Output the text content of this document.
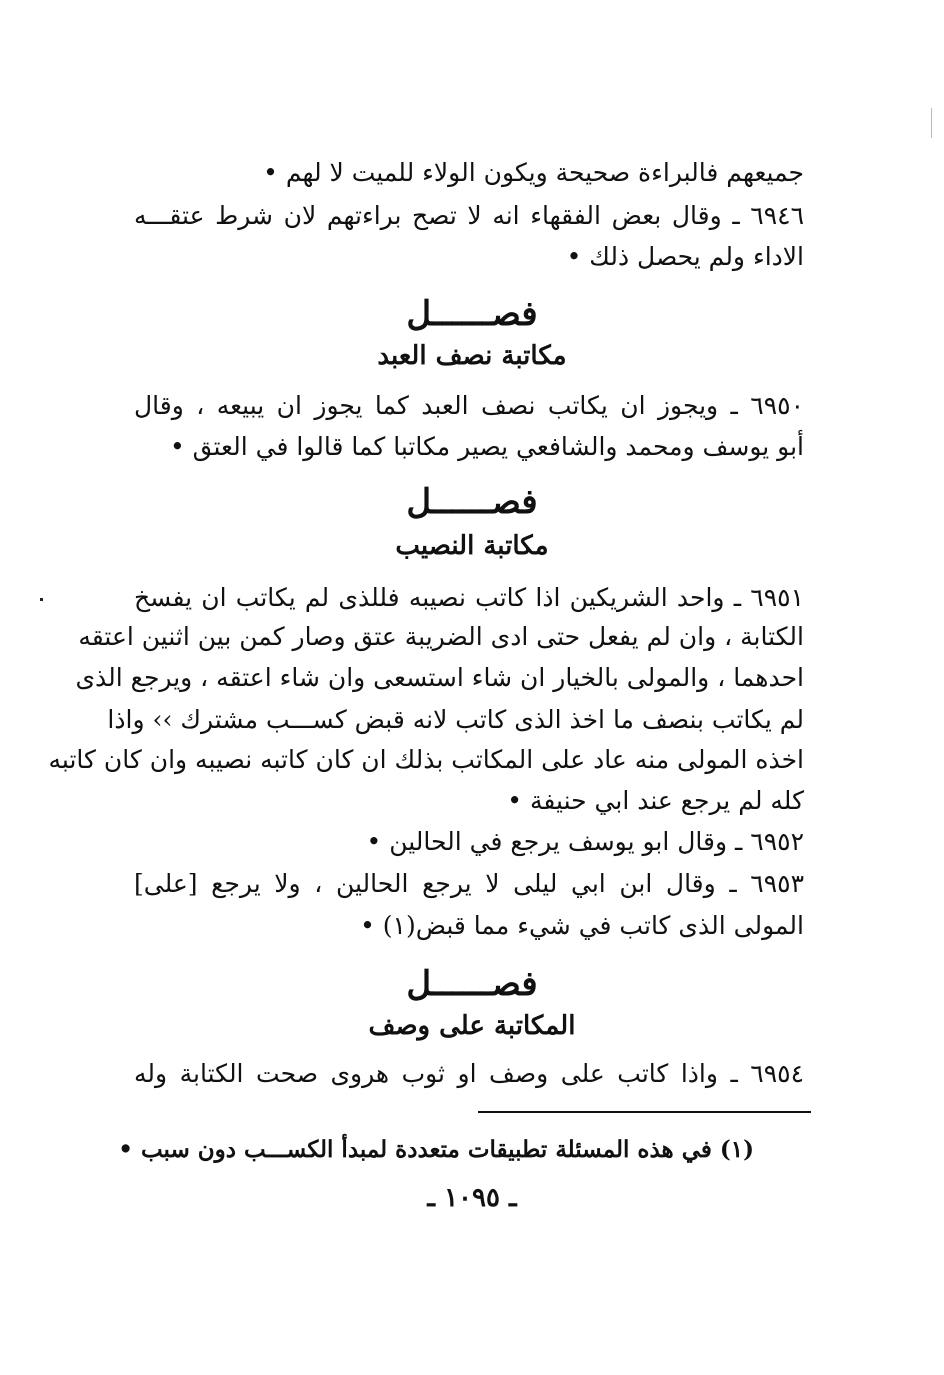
جميعهم فالبراءة صحيحة ويكون الولاء للميت لا لهم •
٦٩٤٦ ـ وقال بعض الفقهاء انه لا تصح براءتهم لان شرط عتقـــه
الاداء ولم يحصل ذلك •
فصــــــل
مكاتبة نصف العبد
٦٩٥٠ ـ ويجوز ان يكاتب نصف العبد كما يجوز ان يبيعه ، وقال
أبو يوسف ومحمد والشافعي يصير مكاتبا كما قالوا في العتق •
فصــــــل
مكاتبة النصيب
٦٩٥١ ـ واحد الشريكين اذا كاتب نصيبه فللذى لم يكاتب ان يفسخ
الكتابة ، وان لم يفعل حتى ادى الضريبة عتق وصار كمن بين اثنين اعتقه
احدهما ، والمولى بالخيار ان شاء استسعى وان شاء اعتقه ، ويرجع الذى
لم يكاتب بنصف ما اخذ الذى كاتب لانه قبض كســـب مشترك ›› واذا
اخذه المولى منه عاد على المكاتب بذلك ان كان كاتبه نصيبه وان كان كاتبه
كله لم يرجع عند ابي حنيفة •
٦٩٥٢ ـ وقال ابو يوسف يرجع في الحالين •
٦٩٥٣ ـ وقال ابن ابي ليلى لا يرجع الحالين ، ولا يرجع [على]
المولى الذى كاتب في شيء مما قبض(١) •
فصــــــل
المكاتبة على وصف
٦٩٥٤ ـ واذا كاتب على وصف او ثوب هروى صحت الكتابة وله
(١) في هذه المسئلة تطبيقات متعددة لمبدأ الكســـب دون سبب •
ـ ١٠٩٥ ـ
